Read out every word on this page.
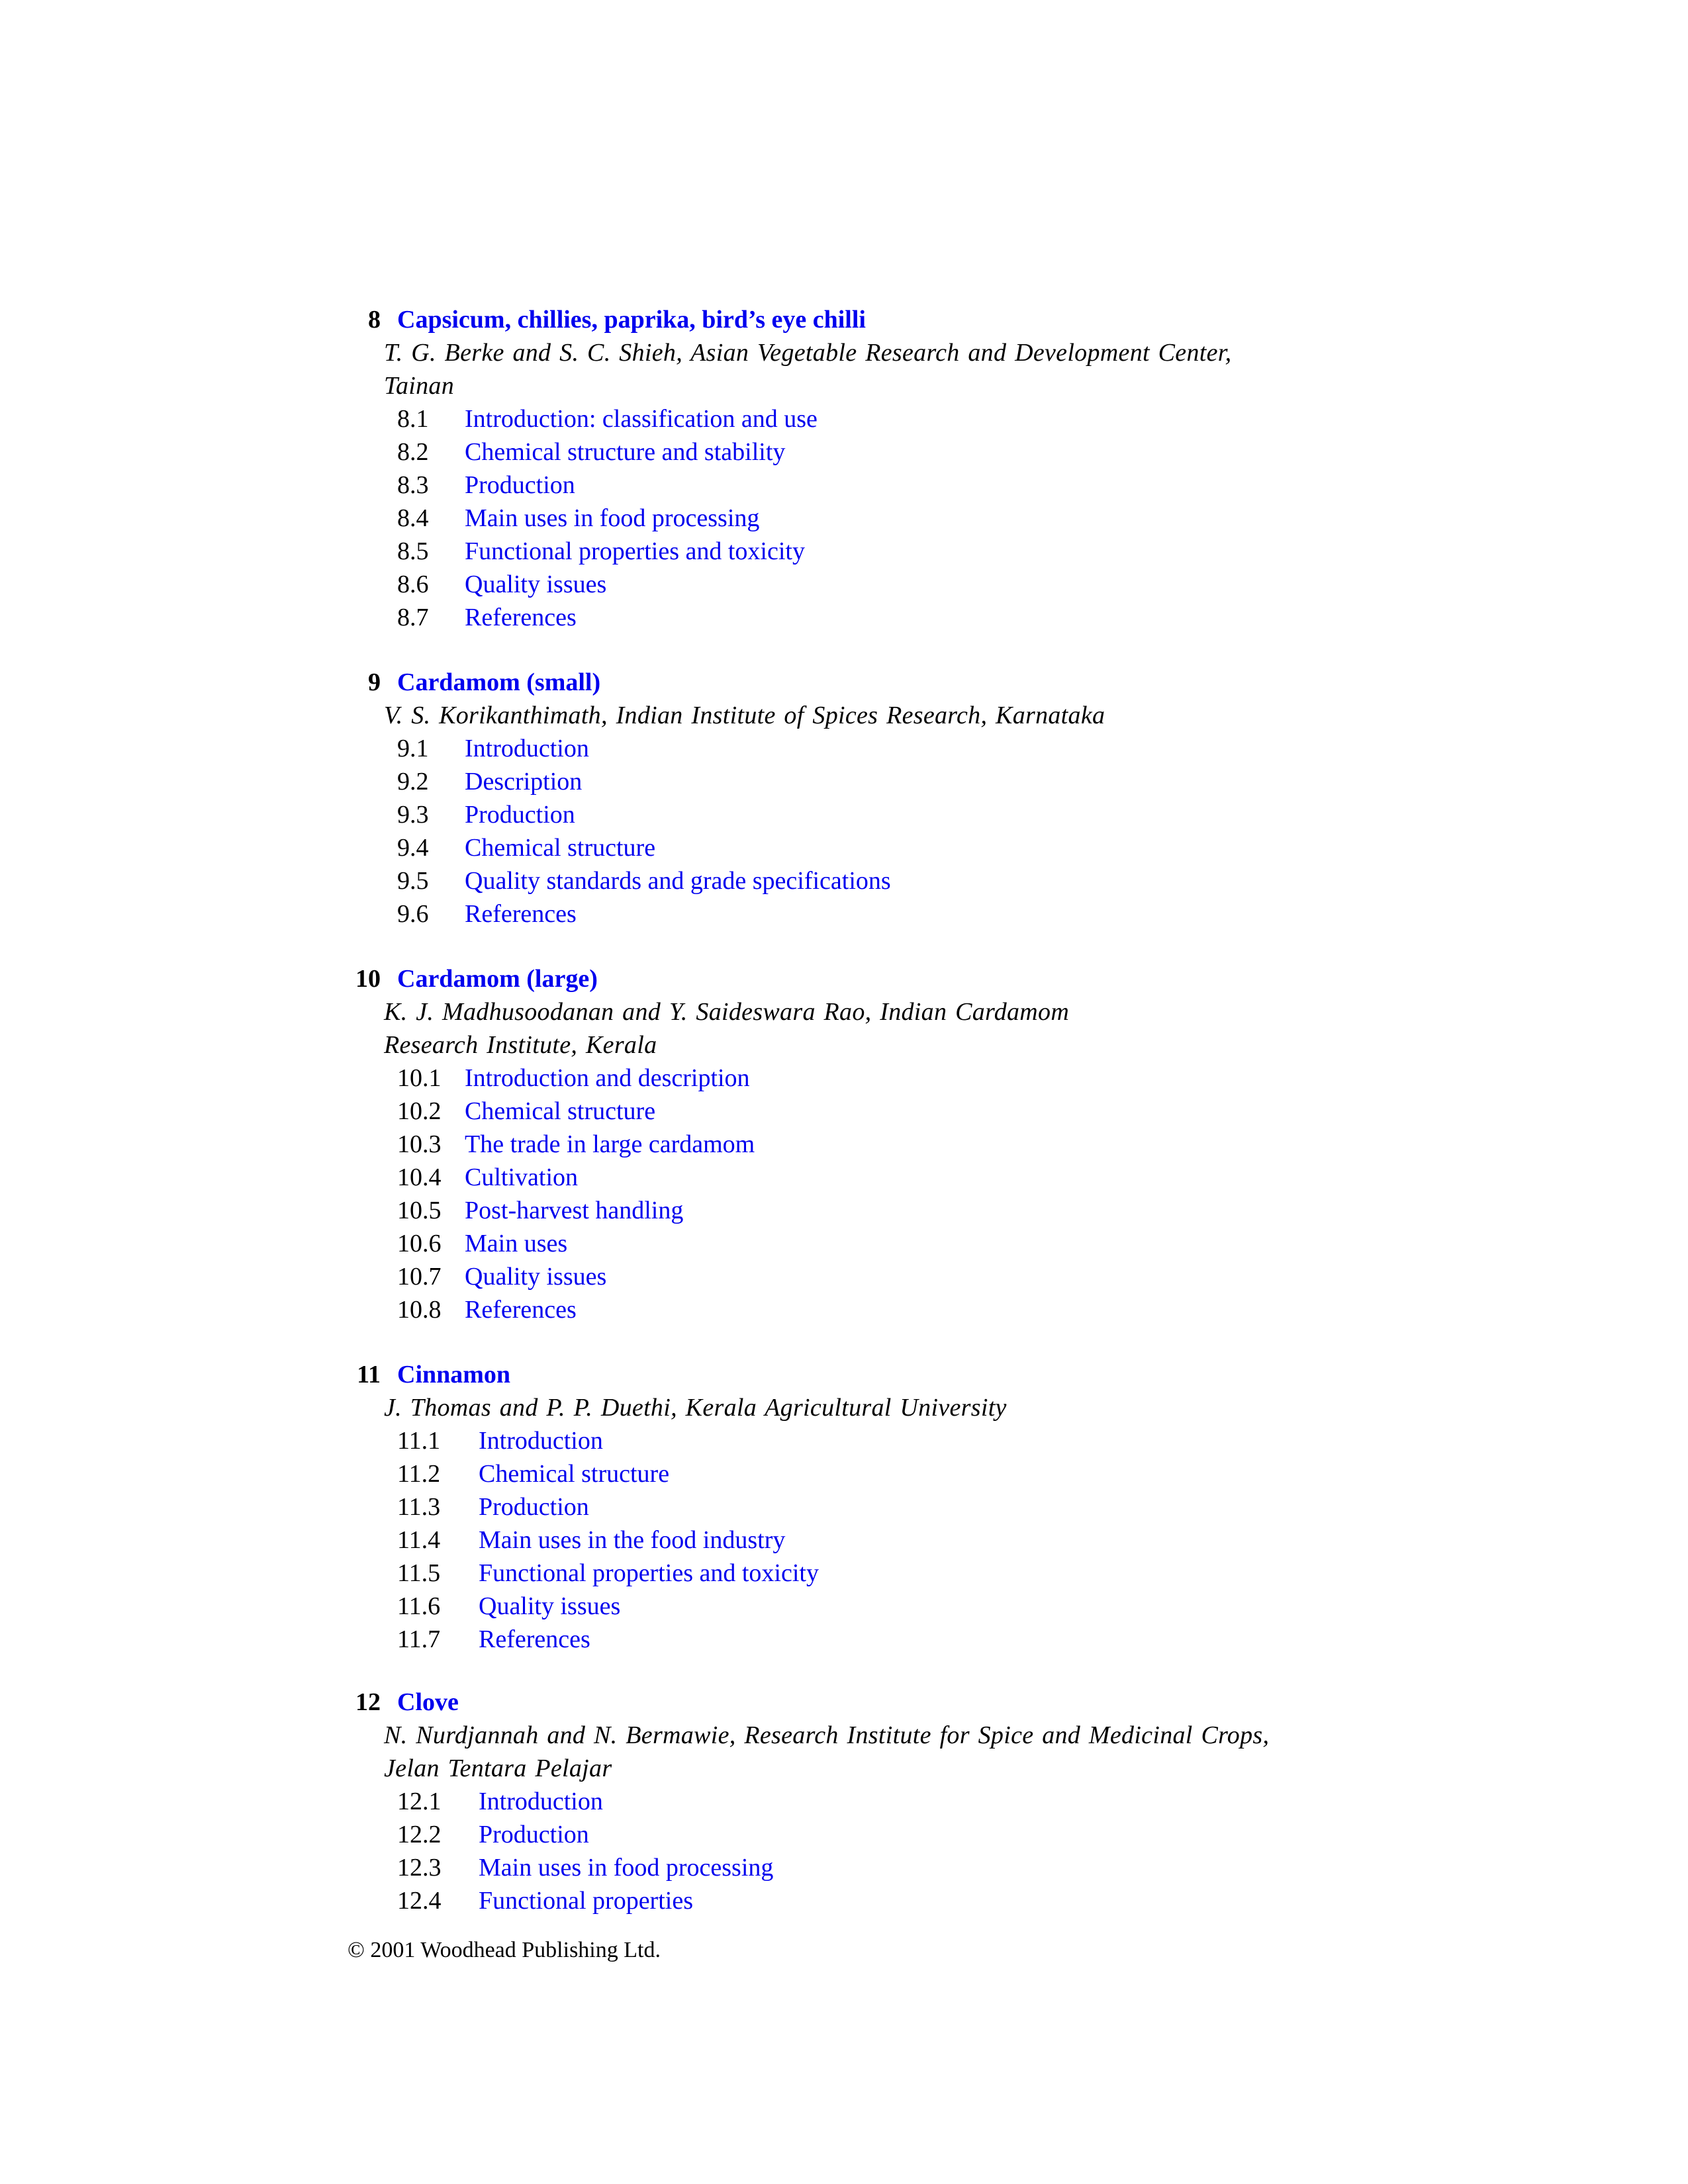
8 Capsicum, chillies, paprika, bird’s eye chilli
T. G. Berke and S. C. Shieh, Asian Vegetable Research and Development Center, Tainan
8.1 Introduction: classification and use
8.2 Chemical structure and stability
8.3 Production
8.4 Main uses in food processing
8.5 Functional properties and toxicity
8.6 Quality issues
8.7 References
9 Cardamom (small)
V. S. Korikanthimath, Indian Institute of Spices Research, Karnataka
9.1 Introduction
9.2 Description
9.3 Production
9.4 Chemical structure
9.5 Quality standards and grade specifications
9.6 References
10 Cardamom (large)
K. J. Madhusoodanan and Y. Saideswara Rao, Indian Cardamom Research Institute, Kerala
10.1 Introduction and description
10.2 Chemical structure
10.3 The trade in large cardamom
10.4 Cultivation
10.5 Post-harvest handling
10.6 Main uses
10.7 Quality issues
10.8 References
11 Cinnamon
J. Thomas and P. P. Duethi, Kerala Agricultural University
11.1 Introduction
11.2 Chemical structure
11.3 Production
11.4 Main uses in the food industry
11.5 Functional properties and toxicity
11.6 Quality issues
11.7 References
12 Clove
N. Nurdjannah and N. Bermawie, Research Institute for Spice and Medicinal Crops, Jelan Tentara Pelajar
12.1 Introduction
12.2 Production
12.3 Main uses in food processing
12.4 Functional properties
© 2001 Woodhead Publishing Ltd.
